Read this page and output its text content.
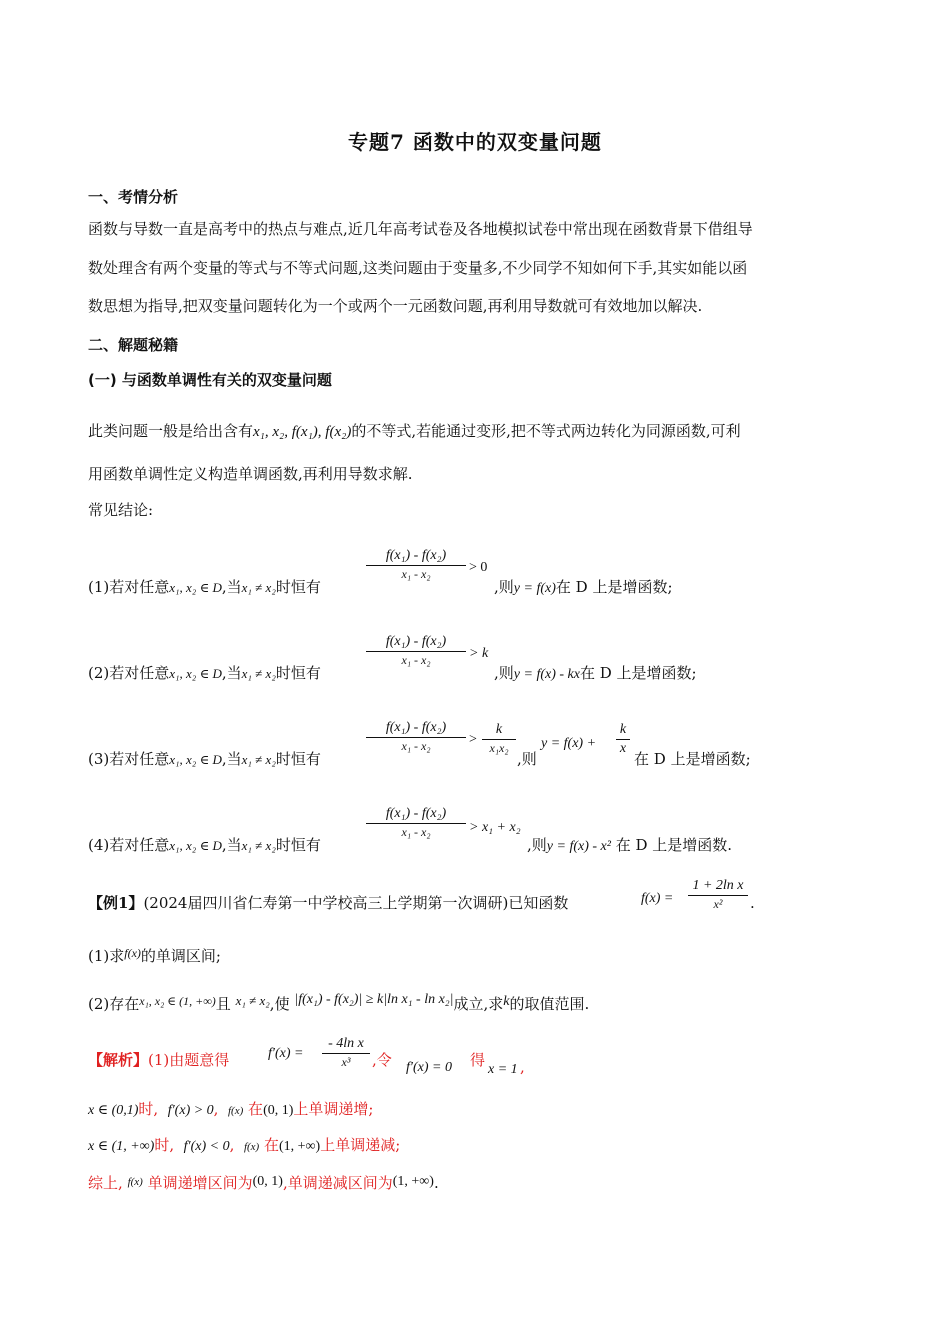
专题7 函数中的双变量问题
一、考情分析
函数与导数一直是高考中的热点与难点,近几年高考试卷及各地模拟试卷中常出现在函数背景下借组导
数处理含有两个变量的等式与不等式问题,这类问题由于变量多,不少同学不知如何下手,其实如能以函
数思想为指导,把双变量问题转化为一个或两个一元函数问题,再利用导数就可有效地加以解决.
二、解题秘籍
(一) 与函数单调性有关的双变量问题
此类问题一般是给出含有x₁, x₂, f(x₁), f(x₂)的不等式,若能通过变形,把不等式两边转化为同源函数,可利
用函数单调性定义构造单调函数,再利用导数求解.
常见结论:
(1)若对任意x₁, x₂ ∈ D,当x₁ ≠ x₂时恒有
f(x₁) - f(x₂)
x₁ - x₂	> 0
,则y = f(x)在 D 上是增函数;
(2)若对任意x₁, x₂ ∈ D,当x₁ ≠ x₂时恒有
f(x₁) - f(x₂)
x₁ - x₂	> k
,则y = f(x) - kx在 D 上是增函数;
(3)若对任意x₁, x₂ ∈ D,当x₁ ≠ x₂时恒有
f(x₁) - f(x₂)
x₁ - x₂	>
k
x₁x₂
,则
y = f(x) +
k
x
在 D 上是增函数;
(4)若对任意x₁, x₂ ∈ D,当x₁ ≠ x₂时恒有
f(x₁) - f(x₂)
x₁ - x₂	> x₁ + x₂
,则y = f(x) - x² 在 D 上是增函数.
【例1】(2024届四川省仁寿第一中学校高三上学期第一次调研)已知函数	f(x) =
1 + 2ln x
x²	.
(1)求$^{f(x)}$的单调区间;
(2)存在$^{x_1, x_2 \in (1, +\infty)}$且 x₁ ≠ x₂,使 |f(x₁) - f(x₂)| ≥ k|ln x₁ - ln x₂|成立,求k的取值范围.
【解析】(1)由题意得	f′(x) =
- 4ln x
x³	,令 f′(x) = 0 得
x = 1 ,
x ∈ (0,1)时, f′(x) > 0, f(x) 在(0, 1)上单调递增;
x ∈ (1, +∞)时, f′(x) < 0, f(x) 在(1, +∞)上单调递减;
综上, $^{f(x)}$ 单调递增区间为(0, 1),单调递减区间为(1, +∞).
